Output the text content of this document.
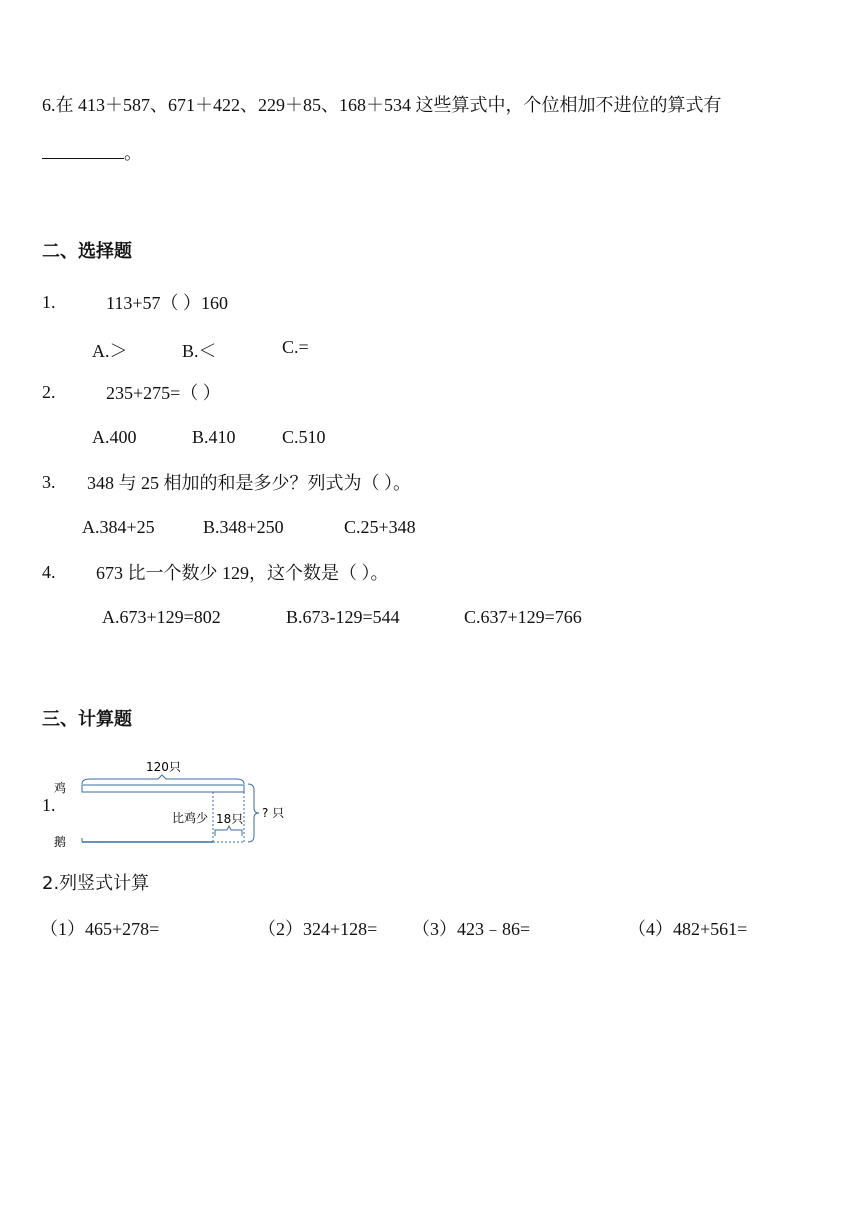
6.在 413＋587、671＋422、229＋85、168＋534 这些算式中，个位相加不进位的算式有
。
二、选择题
1.	113+57（ ）160
A.＞	B.＜	C.=
2.	235+275=（ ）
A.400	B.410	C.510
3. 348 与 25 相加的和是多少？列式为（ ）。
A.384+25	B.348+250	C.25+348
4. 673 比一个数少 129，这个数是（ ）。
A.673+129=802	B.673-129=544	C.637+129=766
三、计算题
1.
鸡
鹅
120只
比鸡少 18只 ? 只
2.列竖式计算
（1）465+278=	（2）324+128= （3）423﹣86=	（4）482+561=
